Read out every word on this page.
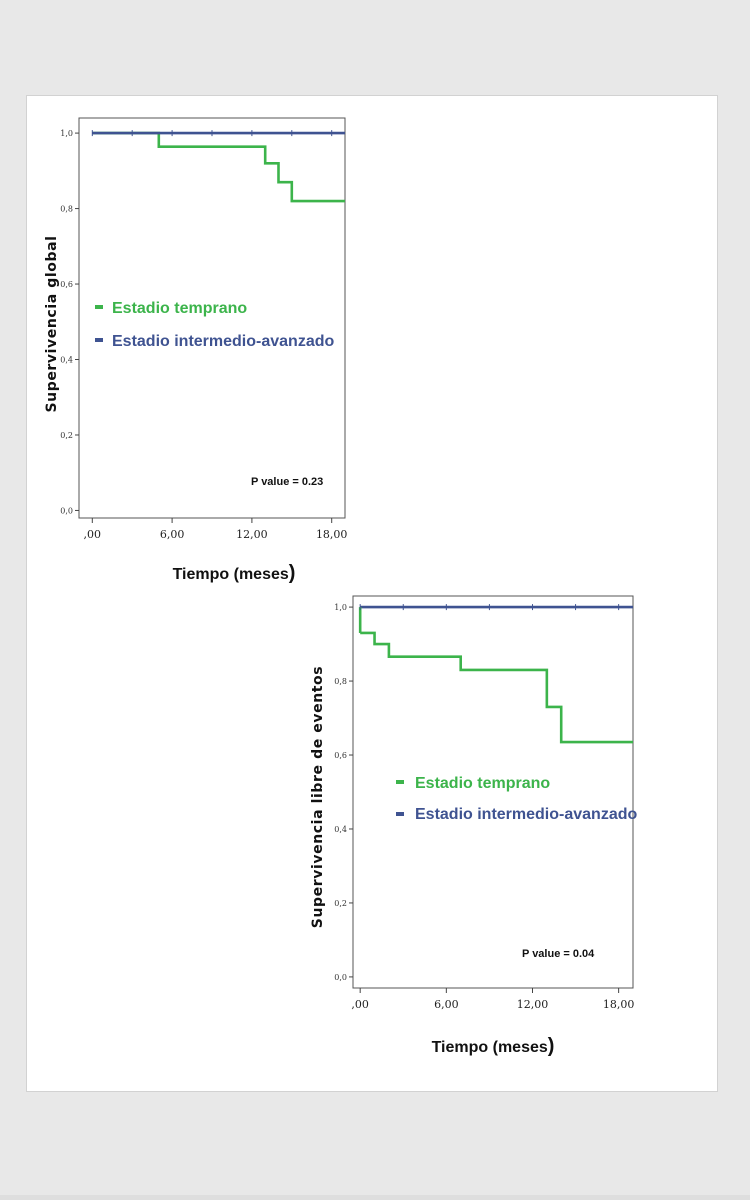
Supervivencia global
Tiempo (meses)
Estadio temprano
Estadio intermedio-avanzado
P value = 0.23
0,0
0,2
0,4
0,6
0,8
1,0
,00	6,00	12,00	18,00
Supervivencia libre de eventos
Tiempo (meses)
Estadio temprano
Estadio intermedio-avanzado
P value = 0.04
0,0
0,2
0,4
0,6
0,8
1,0
,00	6,00	12,00	18,00
